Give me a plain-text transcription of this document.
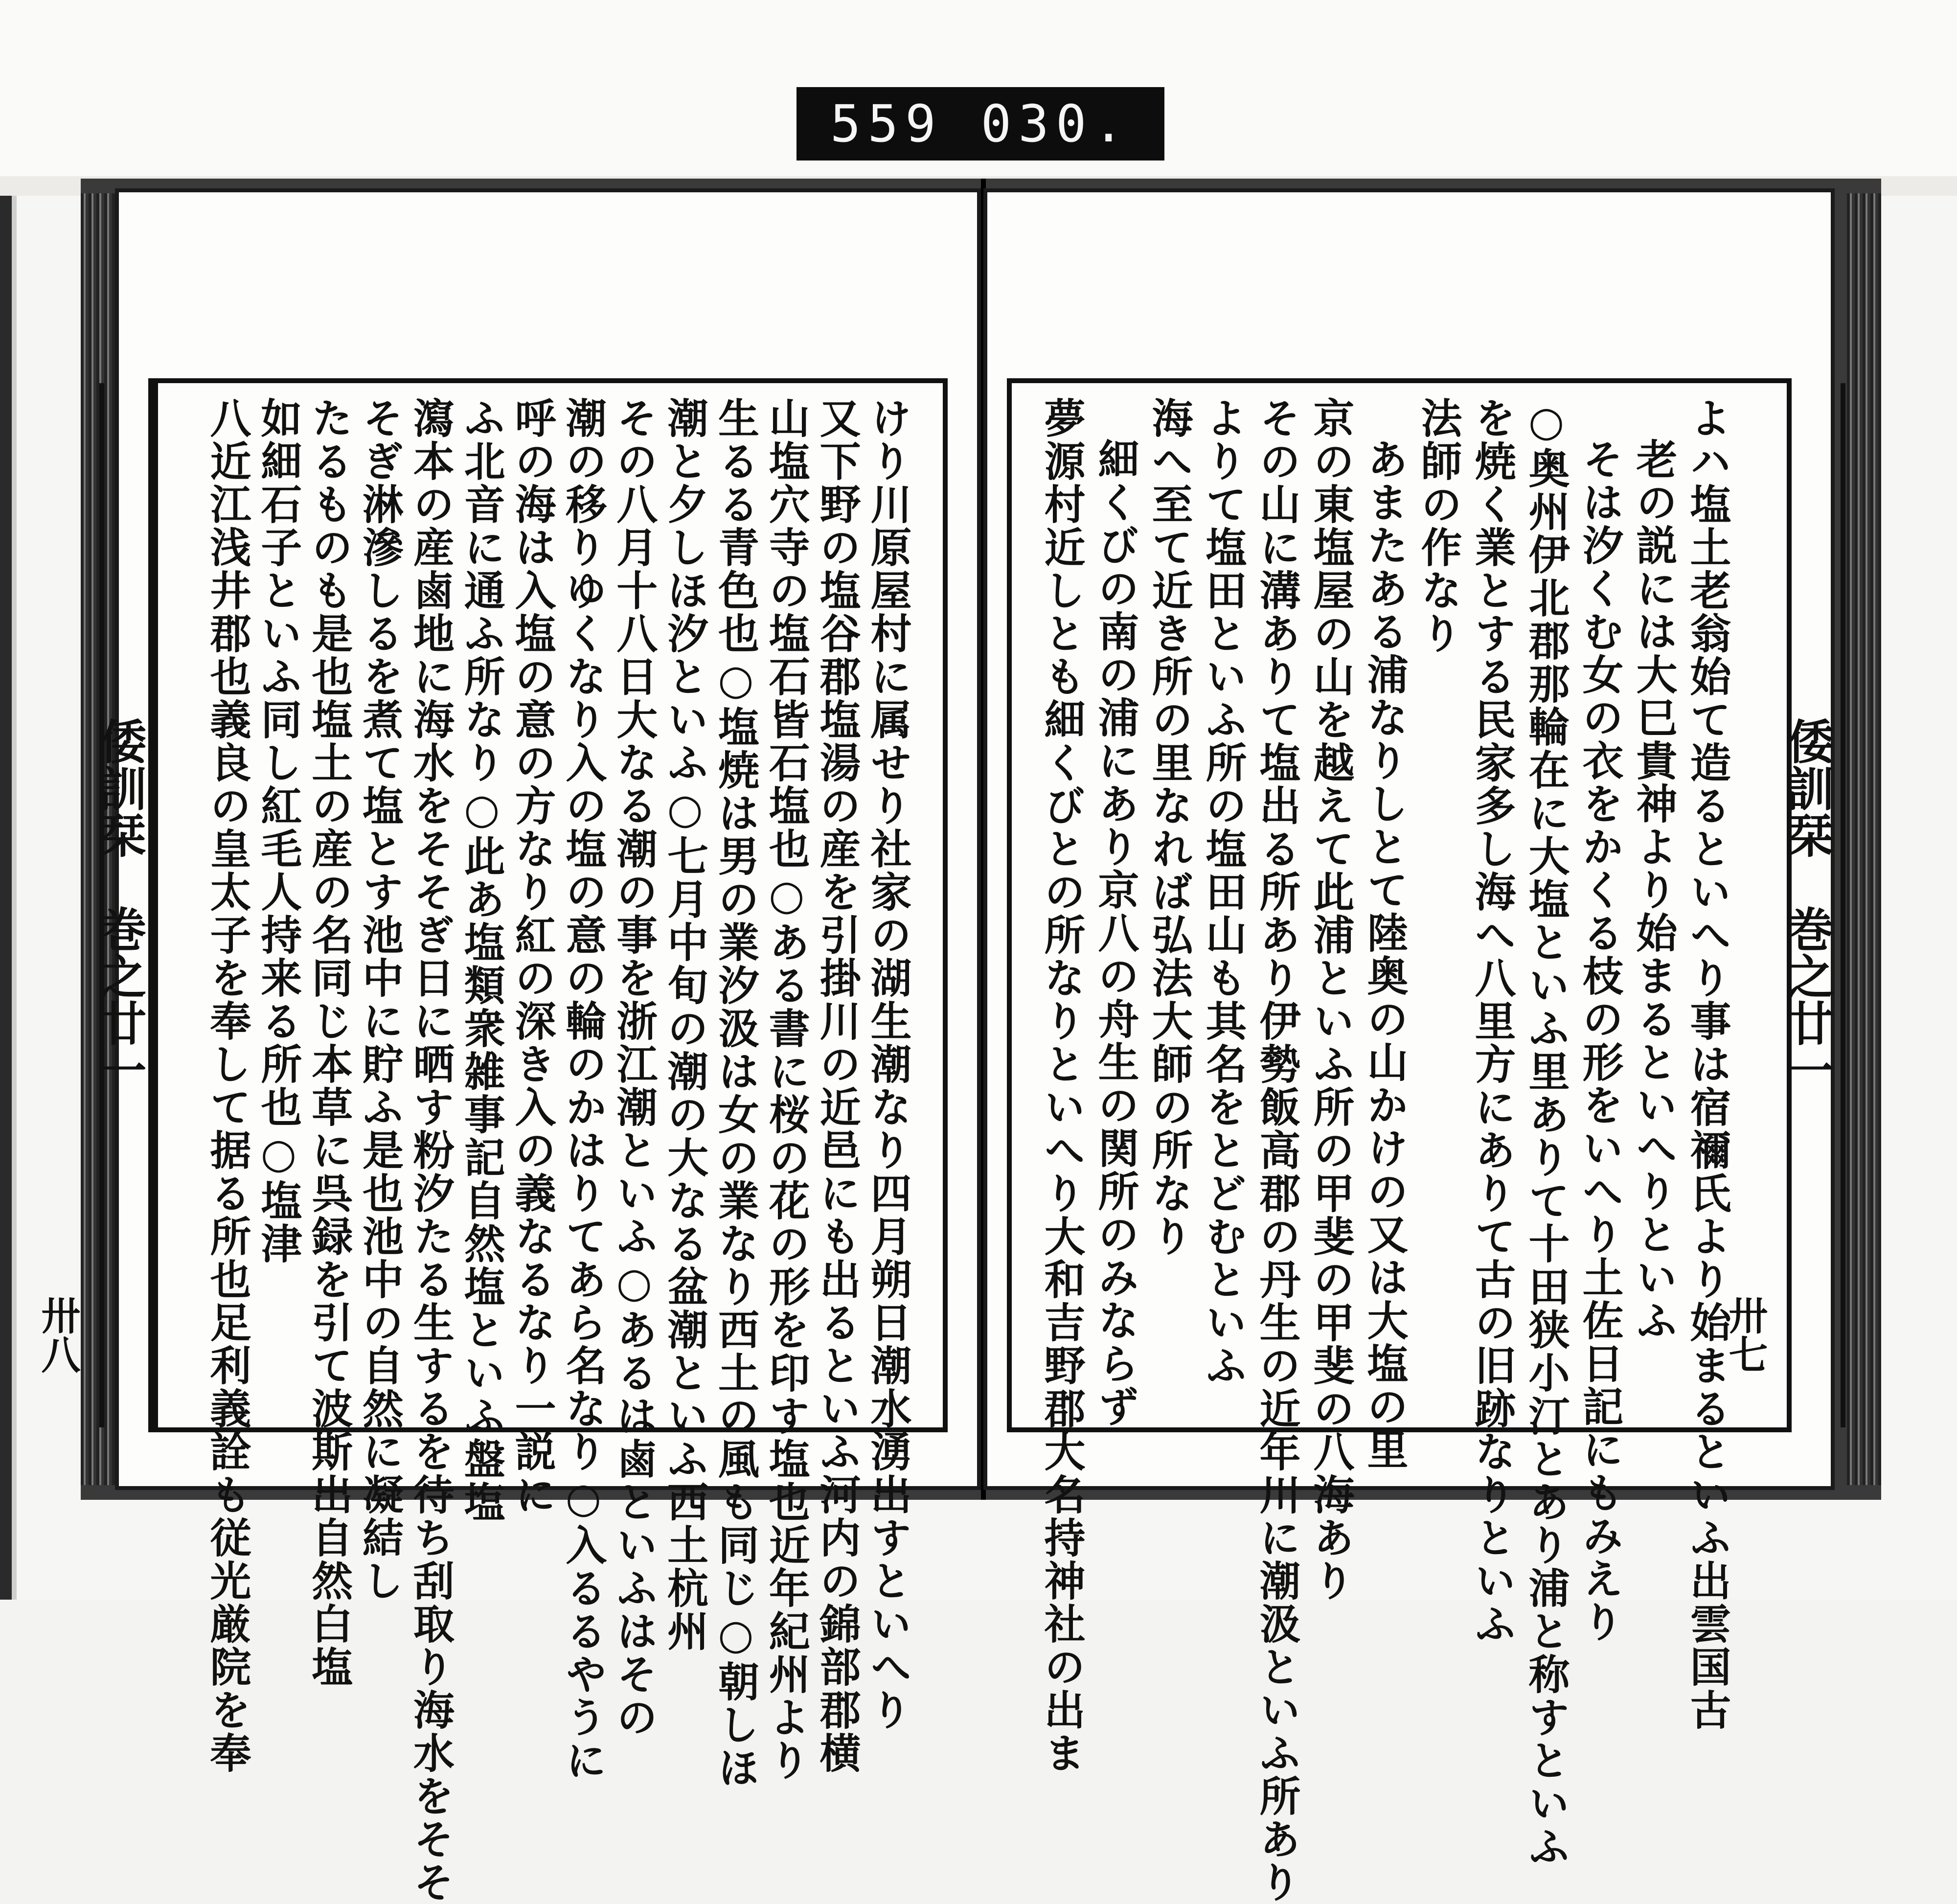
559 030.
倭訓栞　巻之廿一
卅八	けり川原屋村に属せり社家の湖生潮なり四月朔日潮水湧出すといへり
又下野の塩谷郡塩湯の産を引掛川の近邑にも出るといふ河内の錦部郡横
山塩穴寺の塩石皆石塩也○ある書に桜の花の形を印す塩也近年紀州より
生るる青色也○塩焼は男の業汐汲は女の業なり西土の風も同じ○朝しほ
潮と夕しほ汐といふ○七月中旬の潮の大なる盆潮といふ西土杭州
その八月十八日大なる潮の事を浙江潮といふ○あるは鹵といふはその
潮の移りゆくなり入の塩の意の輪のかはりてあら名なり○入るるやうに
呼の海は入塩の意の方なり紅の深き入の義なるなり一説に
ふ北音に通ふ所なり○此あ塩類衆雑事記自然塩といふ盤塩
瀉本の産鹵地に海水をそそぎ日に晒す粉汐たる生するを待ち刮取り海水をそそ
そぎ淋滲しるを煮て塩とす池中に貯ふ是也池中の自然に凝結し
たるものも是也塩土の産の名同じ本草に呉録を引て波斯出自然白塩
如細石子といふ同し紅毛人持来る所也○塩津
八近江浅井郡也義良の皇太子を奉して据る所也足利義詮も従光厳院を奉	倭訓栞　巻之廿一
卅七
よハ塩土老翁始て造るといへり事は宿禰氏より始まるといふ出雲国古
老の説には大巳貴神より始まるといへりといふ
そは汐くむ女の衣をかくる枝の形をいへり土佐日記にもみえり
○奥州伊北郡那輪在に大塩といふ里ありて十田狭小汀とあり浦と称すといふ
を焼く業とする民家多し海へ八里方にありて古の旧跡なりといふ
法師の作なり
あまたある浦なりしとて陸奥の山かけの又は大塩の里
京の東塩屋の山を越えて此浦といふ所の甲斐の甲斐の八海あり
その山に溝ありて塩出る所あり伊勢飯高郡の丹生の近年川に潮汲といふ所あり
よりて塩田といふ所の塩田山も其名をとどむといふ
海へ至て近き所の里なれば弘法大師の所なり
細くびの南の浦にあり京八の舟生の関所のみならず
夢源村近しとも細くびとの所なりといへり大和吉野郡大名持神社の出ま
